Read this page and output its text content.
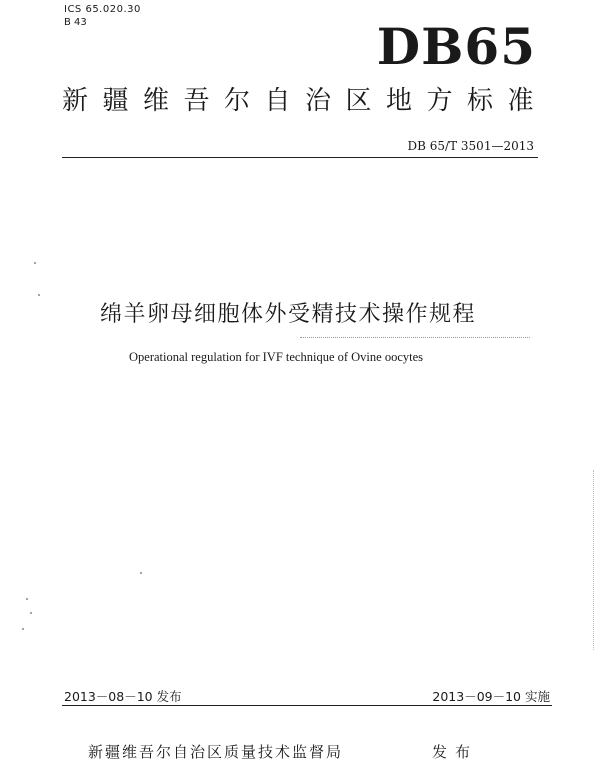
ICS 65.020.30
B 43	DB65
新疆维吾尔自治区地方标准
DB 65/T 3501—2013
绵羊卵母细胞体外受精技术操作规程
Operational regulation for IVF technique of Ovine oocytes
2013－08－10 发布	2013－09－10 实施
新疆维吾尔自治区质量技术监督局	发布
